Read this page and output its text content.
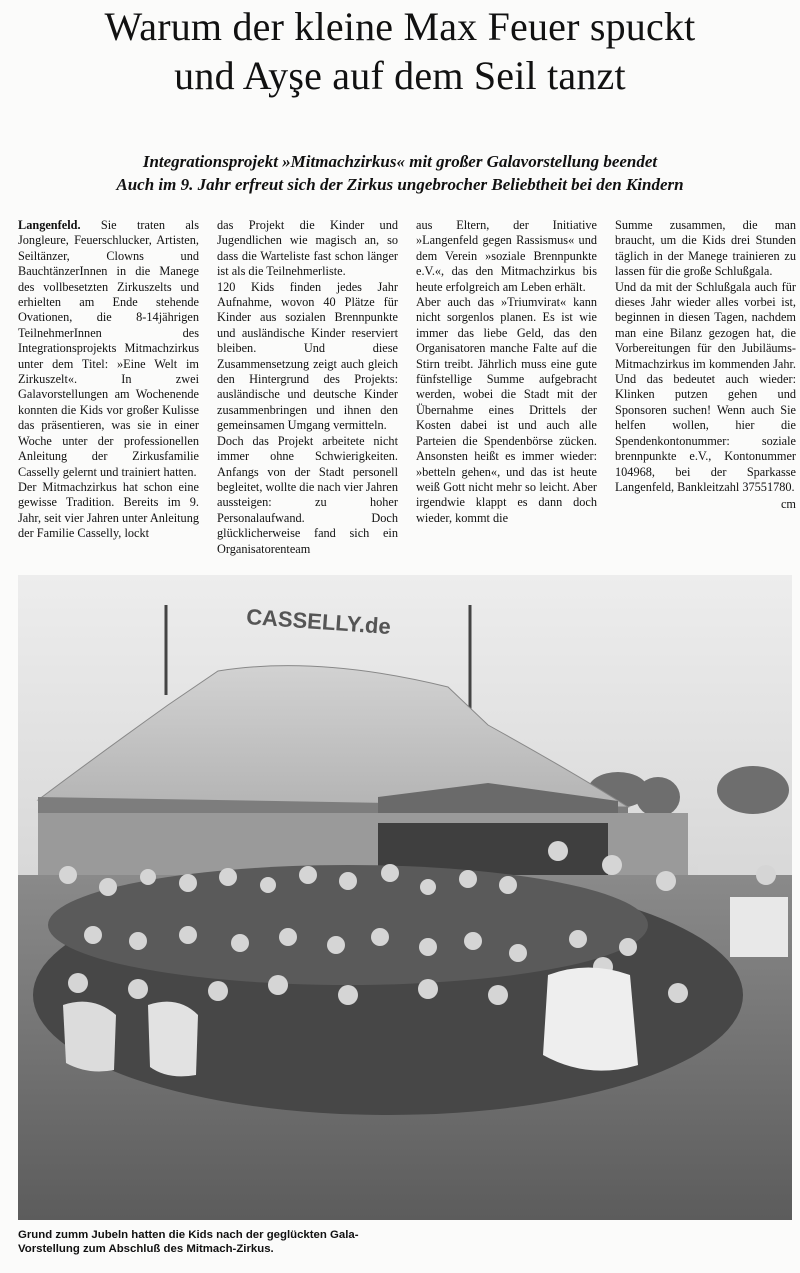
Warum der kleine Max Feuer spuckt
und Ayşe auf dem Seil tanzt
Integrationsprojekt »Mitmachzirkus« mit großer Galavorstellung beendet
Auch im 9. Jahr erfreut sich der Zirkus ungebrocher Beliebtheit bei den Kindern

Langenfeld. Sie traten als Jongleure, Feuerschlucker, Artisten, Seiltänzer, Clowns und BauchtänzerInnen in die Manege des vollbesetzten Zirkuszelts und erhielten am Ende stehende Ovationen, die 8-14jährigen TeilnehmerInnen des Integrationsprojekts Mitmachzirkus unter dem Titel: »Eine Welt im Zirkuszelt«. In zwei Galavorstellungen am Wochenende konnten die Kids vor großer Kulisse das präsentieren, was sie in einer Woche unter der professionellen Anleitung der Zirkusfamilie Casselly gelernt und trainiert hatten.

Der Mitmachzirkus hat schon eine gewisse Tradition. Bereits im 9. Jahr, seit vier Jahren unter Anleitung der Familie Casselly, lockt

das Projekt die Kinder und Jugendlichen wie magisch an, so dass die Warteliste fast schon länger ist als die Teilnehmerliste.

120 Kids finden jedes Jahr Aufnahme, wovon 40 Plätze für Kinder aus sozialen Brennpunkte und ausländische Kinder reserviert bleiben. Und diese Zusammensetzung zeigt auch gleich den Hintergrund des Projekts: ausländische und deutsche Kinder zusammenbringen und ihnen den gemeinsamen Umgang vermitteln.

Doch das Projekt arbeitete nicht immer ohne Schwierigkeiten. Anfangs von der Stadt personell begleitet, wollte die nach vier Jahren aussteigen: zu hoher Personalaufwand. Doch glücklicherweise fand sich ein Organisatorenteam

aus Eltern, der Initiative »Langenfeld gegen Rassismus« und dem Verein »soziale Brennpunkte e.V.«, das den Mitmachzirkus bis heute erfolgreich am Leben erhält.

Aber auch das »Triumvirat« kann nicht sorgenlos planen. Es ist wie immer das liebe Geld, das den Organisatoren manche Falte auf die Stirn treibt. Jährlich muss eine gute fünfstellige Summe aufgebracht werden, wobei die Stadt mit der Übernahme eines Drittels der Kosten dabei ist und auch alle Parteien die Spendenbörse zücken. Ansonsten heißt es immer wieder: »betteln gehen«, und das ist heute weiß Gott nicht mehr so leicht. Aber irgendwie klappt es dann doch wieder, kommt die

Summe zusammen, die man braucht, um die Kids drei Stunden täglich in der Manege trainieren zu lassen für die große Schlußgala.

Und da mit der Schlußgala auch für dieses Jahr wieder alles vorbei ist, beginnen in diesen Tagen, nachdem man eine Bilanz gezogen hat, die Vorbereitungen für den Jubiläums-Mitmachzirkus im kommenden Jahr. Und das bedeutet auch wieder: Klinken putzen gehen und Sponsoren suchen! Wenn auch Sie helfen wollen, hier die Spendenkontonummer: soziale brennpunkte e.V., Kontonummer 104968, bei der Sparkasse Langenfeld, Bankleitzahl 37551780.

cm
CASSELLY.de

Grund zumm Jubeln hatten die Kids nach der geglückten Gala-Vorstellung zum Abschluß des Mitmach-Zirkus.
